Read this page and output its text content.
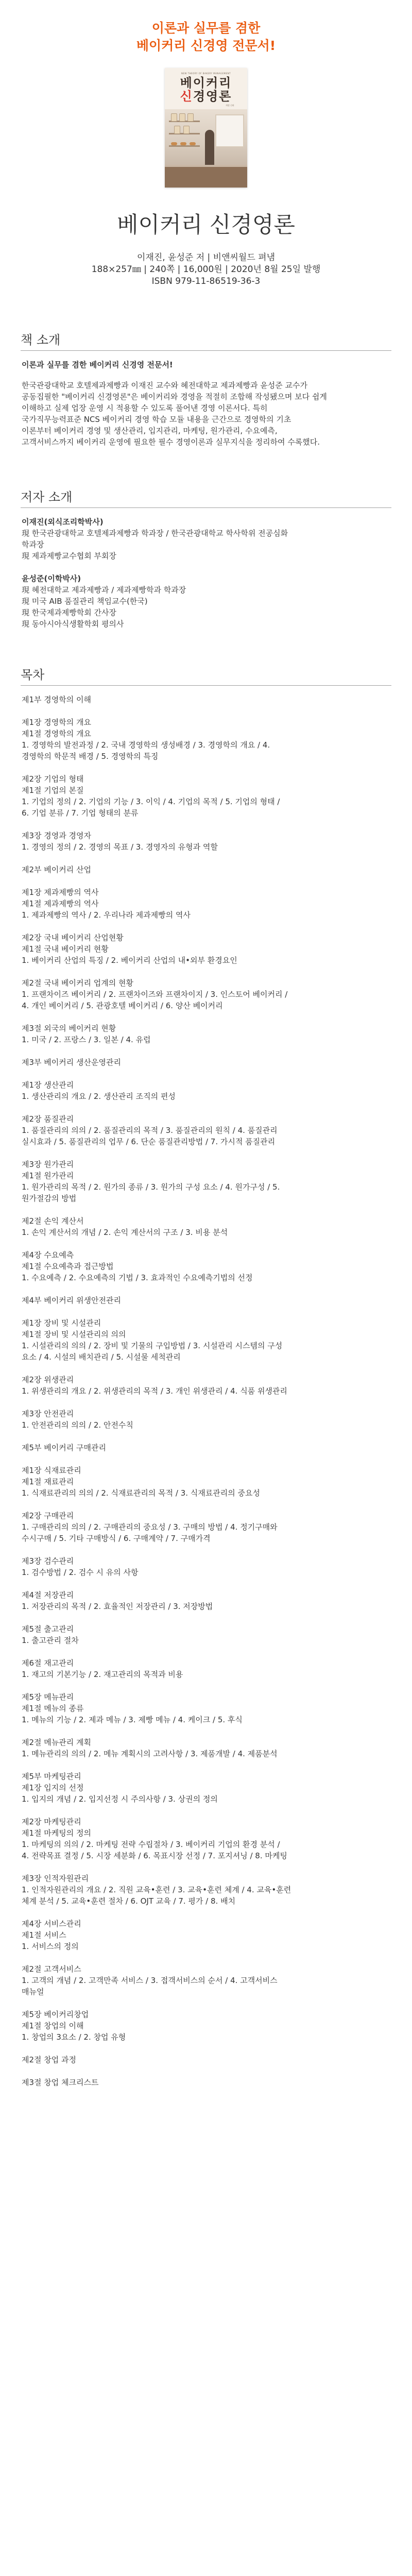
이론과 실무를 겸한
베이커리 신경영 전문서!
NEW THEORY OF BAKERY MANAGEMENT
베이커리
신경영론
개정 신판
베이커리 신경영론
이재진, 윤성준 저 | 비앤씨월드 펴냄
188×257㎜ | 240쪽 | 16,000원 | 2020년 8월 25일 발행
ISBN 979-11-86519-36-3
책 소개
이론과 실무를 겸한 베이커리 신경영 전문서!
한국관광대학교 호텔제과제빵과 이재진 교수와 혜전대학교 제과제빵과 윤성준 교수가
공동집필한 "베이커리 신경영론"은 베이커리와 경영을 적절히 조합해 작성됐으며 보다 쉽게
이해하고 실제 업장 운영 시 적용할 수 있도록 풀어낸 경영 이론서다. 특히
국가직무능력표준 NCS 베이커리 경영 학습 모듈 내용을 근간으로 경영학의 기초
이론부터 베이커리 경영 및 생산관리, 입지관리, 마케팅, 원가관리, 수요예측,
고객서비스까지 베이커리 운영에 필요한 필수 경영이론과 실무지식을 정리하여 수록했다.
저자 소개
이재진(외식조리학박사)
現 한국관광대학교 호텔제과제빵과 학과장 / 한국관광대학교 학사학위 전공심화
학과장
現 제과제빵교수협회 부회장
윤성준(이학박사)
現 혜전대학교 제과제빵과 / 제과제빵학과 학과장
現 미국 AIB 품질관리 책임교수(한국)
現 한국제과제빵학회 간사장
現 동아시아식생활학회 평의사
목차
제1부 경영학의 이해
제1장 경영학의 개요
제1절 경영학의 개요
1. 경영학의 발전과정 / 2. 국내 경영학의 생성배경 / 3. 경영학의 개요 / 4.
경영학의 학문적 배경 / 5. 경영학의 특징
제2장 기업의 형태
제1절 기업의 본질
1. 기업의 정의 / 2. 기업의 기능 / 3. 이익 / 4. 기업의 목적 / 5. 기업의 형태 /
6. 기업 분류 / 7. 기업 형태의 분류
제3장 경영과 경영자
1. 경영의 정의 / 2. 경영의 목표 / 3. 경영자의 유형과 역할
제2부 베이커리 산업
제1장 제과제빵의 역사
제1절 제과제빵의 역사
1. 제과제빵의 역사 / 2. 우리나라 제과제빵의 역사
제2장 국내 베이커리 산업현황
제1절 국내 베이커리 현황
1. 베이커리 산업의 특징 / 2. 베이커리 산업의 내•외부 환경요인
제2절 국내 베이커리 업계의 현황
1. 프랜차이즈 베이커리 / 2. 프랜차이즈와 프랜차이지 / 3. 인스토어 베이커리 /
4. 개인 베이커리 / 5. 관광호텔 베이커리 / 6. 양산 베이커리
제3절 외국의 베이커리 현황
1. 미국 / 2. 프랑스 / 3. 일본 / 4. 유럽
제3부 베이커리 생산운영관리
제1장 생산관리
1. 생산관리의 개요 / 2. 생산관리 조직의 편성
제2장 품질관리
1. 품질관리의 의의 / 2. 품질관리의 목적 / 3. 품질관리의 원칙 / 4. 품질관리
실시효과 / 5. 품질관리의 업무 / 6. 단순 품질관리방법 / 7. 가시적 품질관리
제3장 원가관리
제1절 원가관리
1. 원가관리의 목적 / 2. 원가의 종류 / 3. 원가의 구성 요소 / 4. 원가구성 / 5.
원가절감의 방법
제2절 손익 계산서
1. 손익 계산서의 개념 / 2. 손익 계산서의 구조 / 3. 비용 분석
제4장 수요예측
제1절 수요예측과 접근방법
1. 수요예측 / 2. 수요예측의 기법 / 3. 효과적인 수요예측기법의 선정
제4부 베이커리 위생안전관리
제1장 장비 및 시설관리
제1절 장비 및 시설관리의 의의
1. 시설관리의 의의 / 2. 장비 및 기물의 구입방법 / 3. 시설관리 시스템의 구성
요소 / 4. 시설의 배치관리 / 5. 시설물 세척관리
제2장 위생관리
1. 위생관리의 개요 / 2. 위생관리의 목적 / 3. 개인 위생관리 / 4. 식품 위생관리
제3장 안전관리
1. 안전관리의 의의 / 2. 안전수칙
제5부 베이커리 구매관리
제1장 식재료관리
제1절 재료관리
1. 식재료관리의 의의 / 2. 식재료관리의 목적 / 3. 식재료관리의 중요성
제2장 구매관리
1. 구매관리의 의의 / 2. 구매관리의 중요성 / 3. 구매의 방법 / 4. 정기구매와
수시구매 / 5. 기타 구매방식 / 6. 구매계약 / 7. 구매가격
제3장 검수관리
1. 검수방법 / 2. 검수 시 유의 사항
제4절 저장관리
1. 저장관리의 목적 / 2. 효율적인 저장관리 / 3. 저장방법
제5절 출고관리
1. 출고관리 절차
제6절 재고관리
1. 재고의 기본기능 / 2. 재고관리의 목적과 비용
제5장 메뉴관리
제1절 메뉴의 종류
1. 메뉴의 기능 / 2. 제과 메뉴 / 3. 제빵 메뉴 / 4. 케이크 / 5. 후식
제2절 메뉴관리 계획
1. 메뉴관리의 의의 / 2. 메뉴 계획시의 고려사항 / 3. 제품개발 / 4. 제품분석
제5부 마케팅관리
제1장 입지의 선정
1. 입지의 개념 / 2. 입지선정 시 주의사항 / 3. 상권의 정의
제2장 마케팅관리
제1절 마케팅의 정의
1. 마케팅의 의의 / 2. 마케팅 전략 수립절차 / 3. 베이커리 기업의 환경 분석 /
4. 전략목표 결정 / 5. 시장 세분화 / 6. 목표시장 선정 / 7. 포지셔닝 / 8. 마케팅
제3장 인적자원관리
1. 인적자원관리의 개요 / 2. 직원 교육•훈련 / 3. 교육•훈련 체계 / 4. 교육•훈련
체계 분석 / 5. 교육•훈련 절차 / 6. OJT 교육 / 7. 평가 / 8. 배치
제4장 서비스관리
제1절 서비스
1. 서비스의 정의
제2절 고객서비스
1. 고객의 개념 / 2. 고객만족 서비스 / 3. 접객서비스의 순서 / 4. 고객서비스
매뉴얼
제5장 베이커리창업
제1절 창업의 이해
1. 창업의 3요소 / 2. 창업 유형
제2절 창업 과정
제3절 창업 체크리스트
